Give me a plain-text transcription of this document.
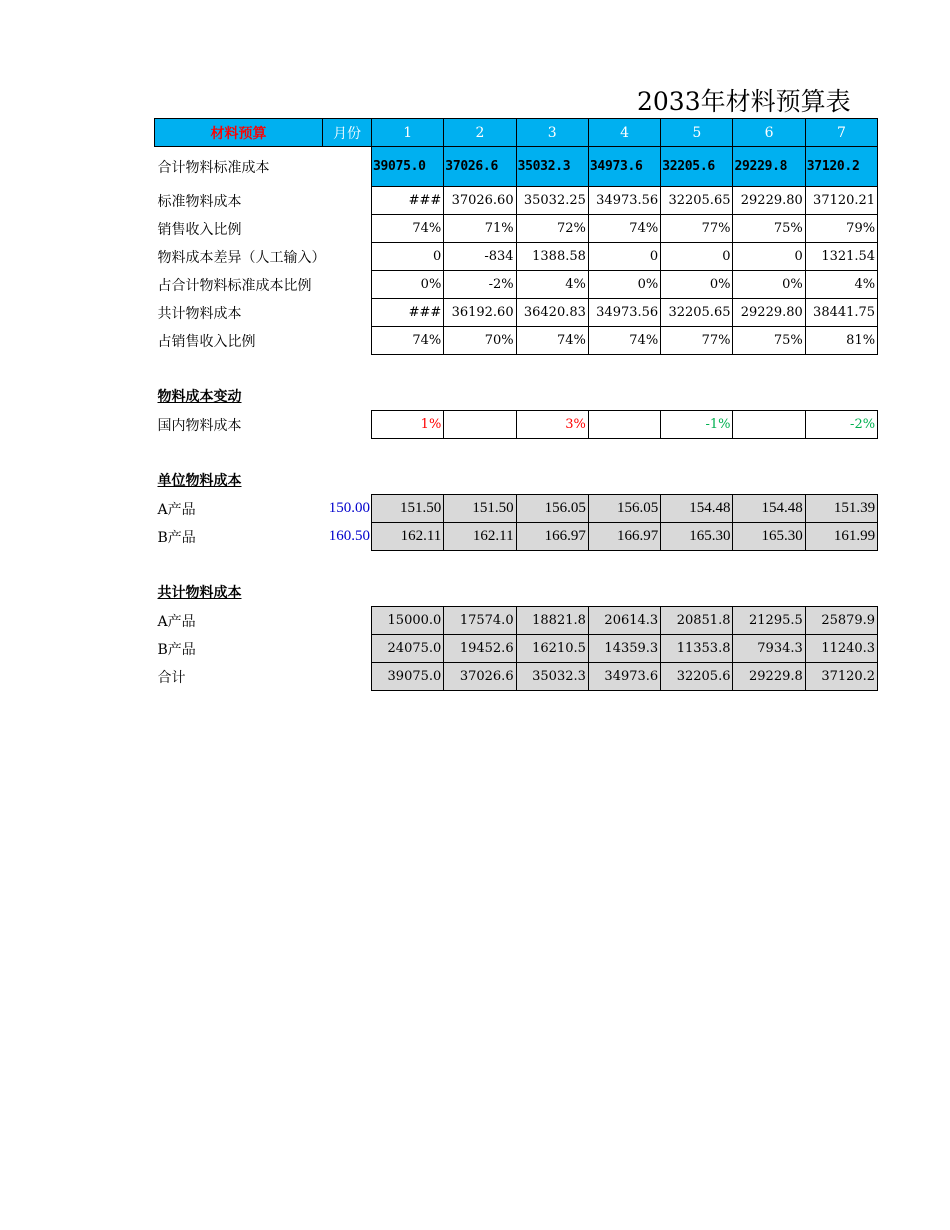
2033年材料预算表
材料预算	月份	1	2	3	4	5	6	7
合计物料标准成本		39075.0	37026.6	35032.3	34973.6	32205.6	29229.8	37120.2
标准物料成本		###	37026.60	35032.25	34973.56	32205.65	29229.80	37120.21
销售收入比例		74%	71%	72%	74%	77%	75%	79%
物料成本差异（人工输入）		0	-834	1388.58	0	0	0	1321.54
占合计物料标准成本比例		0%	-2%	4%	0%	0%	0%	4%
共计物料成本		###	36192.60	36420.83	34973.56	32205.65	29229.80	38441.75
占销售收入比例		74%	70%	74%	74%	77%	75%	81%

物料成本变动								
国内物料成本		1%		3%		-1%		-2%

单位物料成本								
A产品	150.00	151.50	151.50	156.05	156.05	154.48	154.48	151.39
B产品	160.50	162.11	162.11	166.97	166.97	165.30	165.30	161.99

共计物料成本								
A产品		15000.0	17574.0	18821.8	20614.3	20851.8	21295.5	25879.9
B产品		24075.0	19452.6	16210.5	14359.3	11353.8	7934.3	11240.3
合计		39075.0	37026.6	35032.3	34973.6	32205.6	29229.8	37120.2
